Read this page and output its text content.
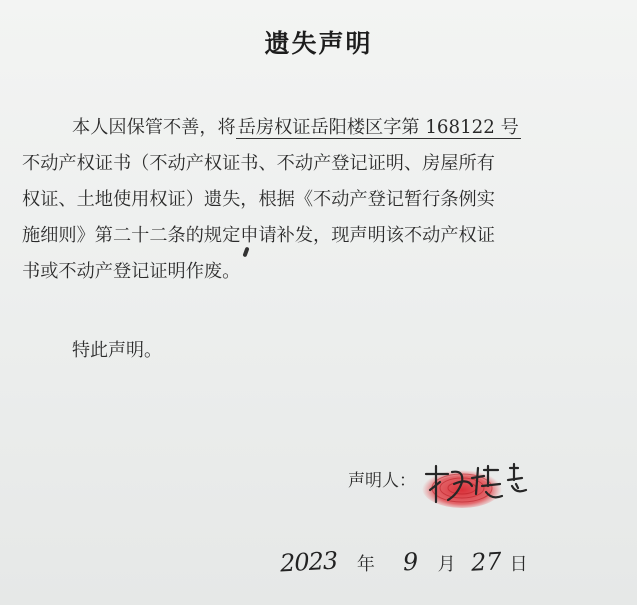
遗失声明
本人因保管不善，将 岳房权证岳阳楼区字第 168122 号
不动产权证书（不动产权证书、不动产登记证明、房屋所有
权证、土地使用权证）遗失，根据《不动产登记暂行条例实
施细则》第二十二条的规定申请补发，现声明该不动产权证
书或不动产登记证明作废。
特此声明。
声明人：
2023 年 9 月 27 日
